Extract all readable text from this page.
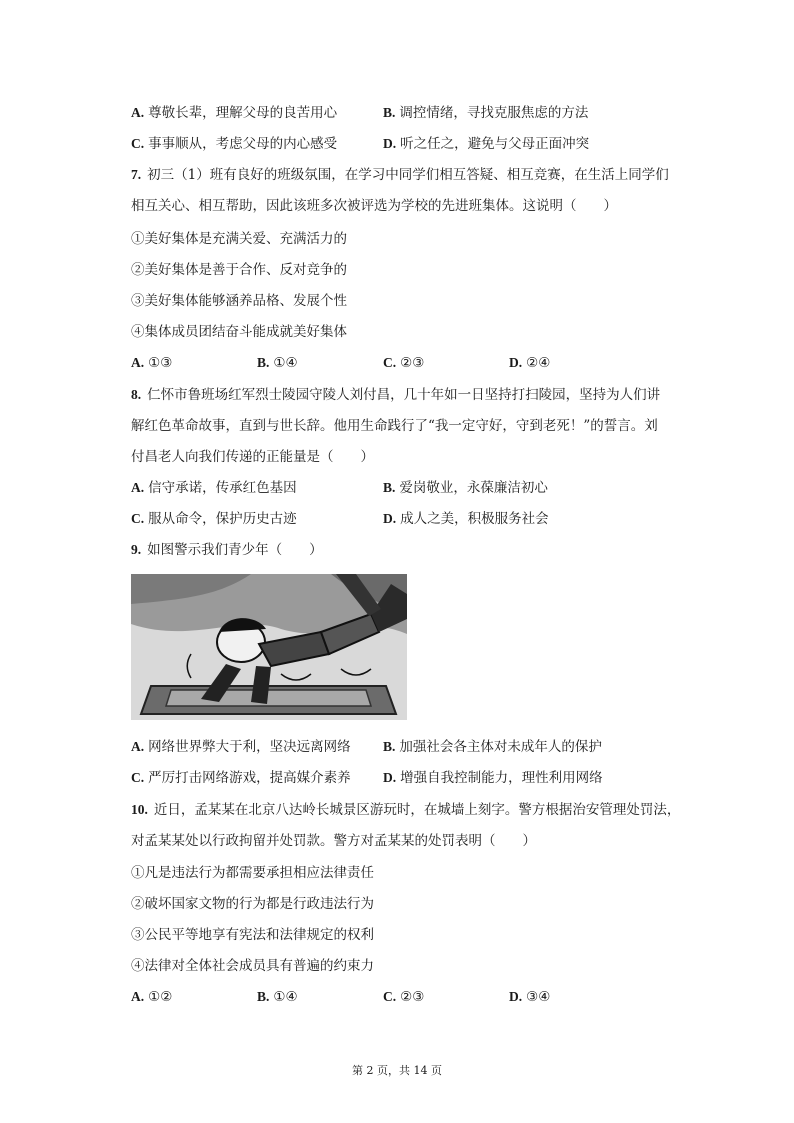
A. 尊敬长辈，理解父母的良苦用心	B. 调控情绪，寻找克服焦虑的方法
C. 事事顺从，考虑父母的内心感受	D. 听之任之，避免与父母正面冲突
7. 初三（1）班有良好的班级氛围，在学习中同学们相互答疑、相互竞赛，在生活上同学们
相互关心、相互帮助，因此该班多次被评选为学校的先进班集体。这说明（　　）
①美好集体是充满关爱、充满活力的
②美好集体是善于合作、反对竞争的
③美好集体能够涵养品格、发展个性
④集体成员团结奋斗能成就美好集体
A. ①③	B. ①④	C. ②③	D. ②④
8. 仁怀市鲁班场红军烈士陵园守陵人刘付昌，几十年如一日坚持打扫陵园，坚持为人们讲
解红色革命故事，直到与世长辞。他用生命践行了“我一定守好，守到老死！”的誓言。刘
付昌老人向我们传递的正能量是（　　）
A. 信守承诺，传承红色基因	B. 爱岗敬业，永葆廉洁初心
C. 服从命令，保护历史古迹	D. 成人之美，积极服务社会
9. 如图警示我们青少年（　　）
A. 网络世界弊大于利，坚决远离网络 B. 加强社会各主体对未成年人的保护
C. 严厉打击网络游戏，提高媒介素养 D. 增强自我控制能力，理性利用网络
10. 近日，孟某某在北京八达岭长城景区游玩时，在城墙上刻字。警方根据治安管理处罚法，
对孟某某处以行政拘留并处罚款。警方对孟某某的处罚表明（　　）
①凡是违法行为都需要承担相应法律责任
②破坏国家文物的行为都是行政违法行为
③公民平等地享有宪法和法律规定的权利
④法律对全体社会成员具有普遍的约束力
A. ①②	B. ①④	C. ②③	D. ③④
第 2 页，共 14 页
